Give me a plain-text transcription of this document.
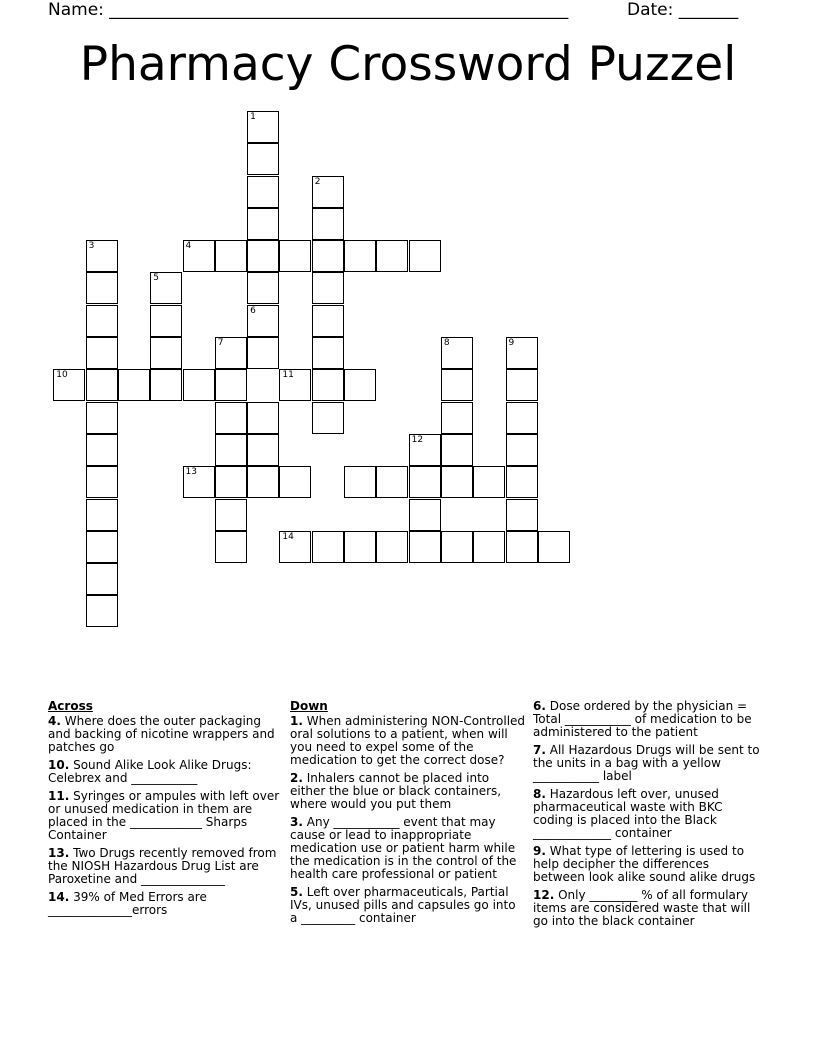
Name: ______________________________________________________	Date: _______
Pharmacy Crossword Puzzel
1
2
3	4
5
6
7	8	9
10	11
12
13
14
Across
4. Where does the outer packaging and backing of nicotine wrappers and patches go
10. Sound Alike Look Alike Drugs: Celebrex and ___________
11. Syringes or ampules with left over or unused medication in them are placed in the ____________ Sharps Container
13. Two Drugs recently removed from the NIOSH Hazardous Drug List are Paroxetine and ______________
14. 39% of Med Errors are ______________errors
Down
1. When administering NON-Controlled oral solutions to a patient, when will you need to expel some of the medication to get the correct dose?
2. Inhalers cannot be placed into either the blue or black containers, where would you put them
3. Any ___________ event that may cause or lead to inappropriate medication use or patient harm while the medication is in the control of the health care professional or patient
5. Left over pharmaceuticals, Partial IVs, unused pills and capsules go into a _________ container
6. Dose ordered by the physician = Total ___________ of medication to be administered to the patient
7. All Hazardous Drugs will be sent to the units in a bag with a yellow ___________ label
8. Hazardous left over, unused pharmaceutical waste with BKC coding is placed into the Black _____________ container
9. What type of lettering is used to help decipher the differences between look alike sound alike drugs
12. Only ________ % of all formulary items are considered waste that will go into the black container
